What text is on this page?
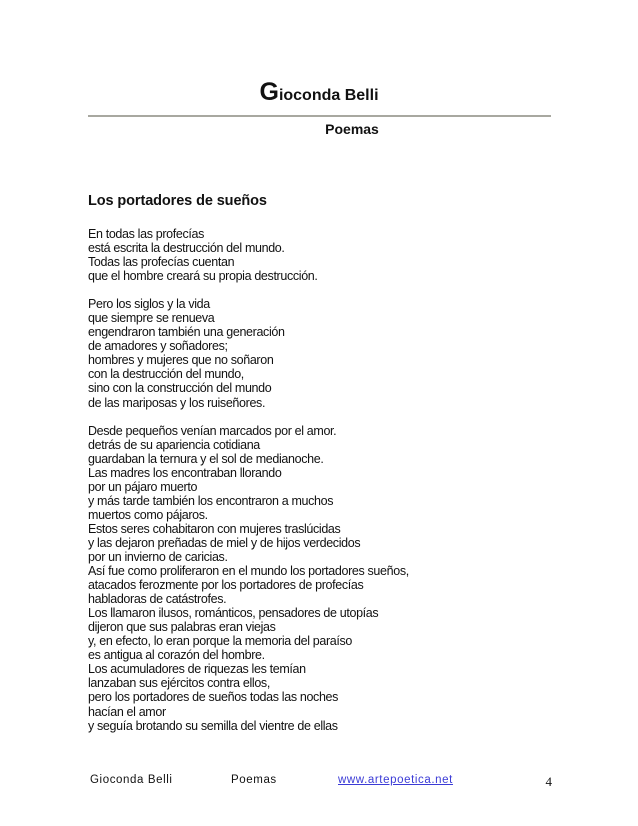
Gioconda Belli
Poemas
Los portadores de sueños
En todas las profecías
está escrita la destrucción del mundo.
Todas las profecías cuentan
que el hombre creará su propia destrucción.
Pero los siglos y la vida
que siempre se renueva
engendraron también una generación
de amadores y soñadores;
hombres y mujeres que no soñaron
con la destrucción del mundo,
sino con la construcción del mundo
de las mariposas y los ruiseñores.
Desde pequeños venían marcados por el amor.
detrás de su apariencia cotidiana
guardaban la ternura y el sol de medianoche.
Las madres los encontraban llorando
por un pájaro muerto
y más tarde también los encontraron a muchos
muertos como pájaros.
Estos seres cohabitaron con mujeres traslúcidas
y las dejaron preñadas de miel y de hijos verdecidos
por un invierno de caricias.
Así fue como proliferaron en el mundo los portadores sueños,
atacados ferozmente por los portadores de profecías
habladoras de catástrofes.
Los llamaron ilusos, románticos, pensadores de utopías
dijeron que sus palabras eran viejas
y, en efecto, lo eran porque la memoria del paraíso
es antigua al corazón del hombre.
Los acumuladores de riquezas les temían
lanzaban sus ejércitos contra ellos,
pero los portadores de sueños todas las noches
hacían el amor
y seguía brotando su semilla del vientre de ellas
Gioconda Belli	Poemas	www.artepoetica.net	4
